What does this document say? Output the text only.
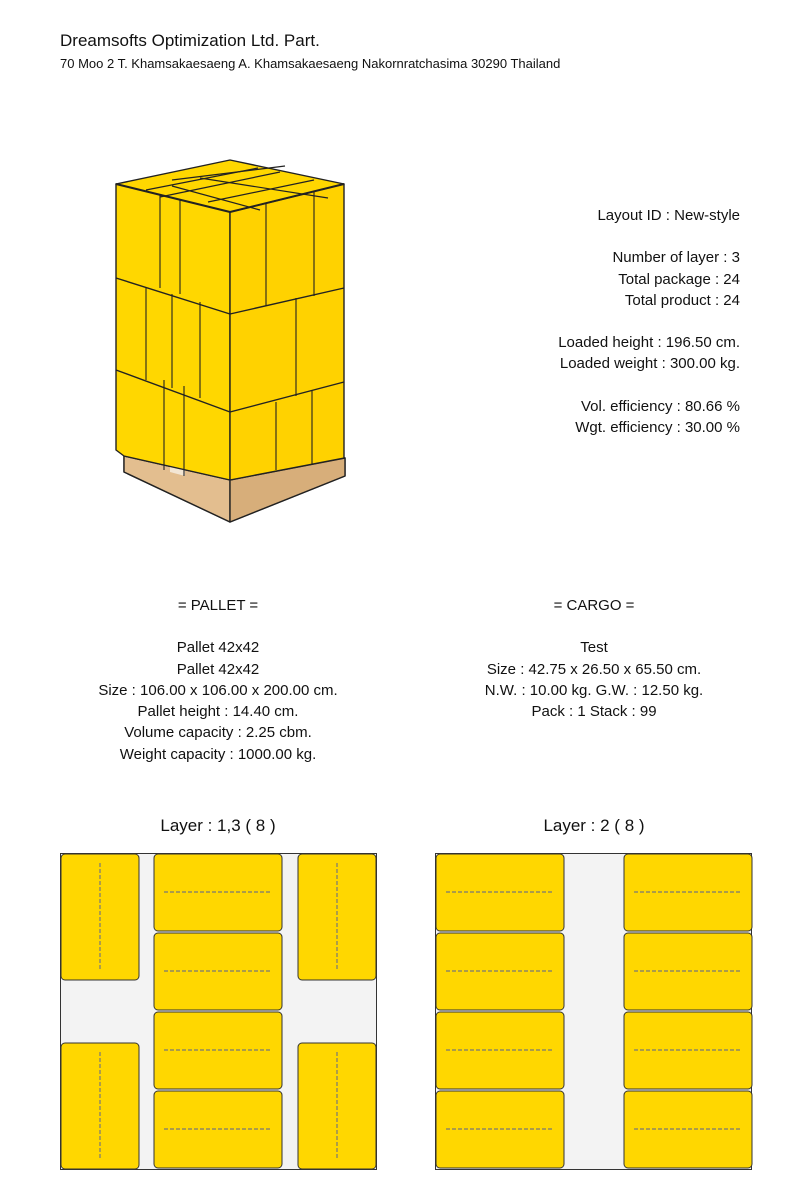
Dreamsofts Optimization Ltd. Part.
70 Moo 2 T. Khamsakaesaeng A. Khamsakaesaeng Nakornratchasima 30290 Thailand
Layout ID : New-style
Number of layer : 3
Total package : 24
Total product : 24
Loaded height : 196.50 cm.
Loaded weight : 300.00 kg.
Vol. efficiency : 80.66 %
Wgt. efficiency : 30.00 %
= PALLET =
Pallet 42x42
Pallet 42x42
Size : 106.00 x 106.00 x 200.00 cm.
Pallet height : 14.40 cm.
Volume capacity : 2.25 cbm.
Weight capacity : 1000.00 kg.
= CARGO =
Test
Size : 42.75 x 26.50 x 65.50 cm.
N.W. : 10.00 kg. G.W. : 12.50 kg.
Pack : 1 Stack : 99
Layer : 1,3 ( 8 )	Layer : 2 ( 8 )
